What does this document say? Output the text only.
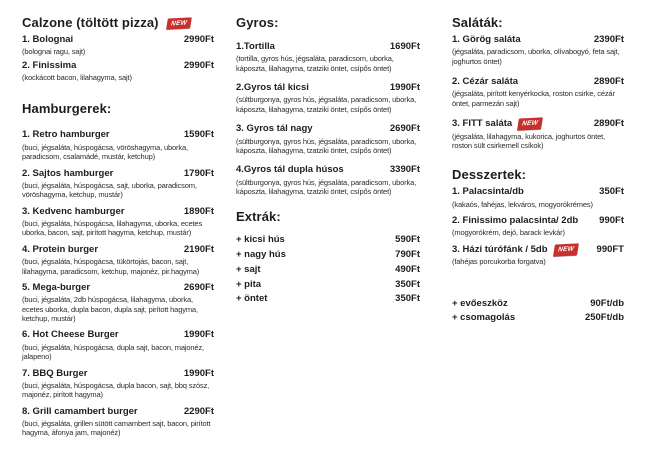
Calzone (töltött pizza)	NEW
1. Bolognai	2990Ft
(bolognai ragu, sajt)
2. Finissima	2990Ft
(kockácott bacon, lilahagyma, sajt)
Hamburgerek:
1. Retro hamburger	1590Ft
(buci, jégsaláta, húspogácsa, vöröshagyma, uborka, paradicsom, csalamádé, mustár, ketchup)
2. Sajtos hamburger	1790Ft
(buci, jégsaláta, húspogácsa, sajt, uborka, paradicsom, vöröshagyma, ketchup, mustár)
3. Kedvenc hamburger	1890Ft
(buci, jégsaláta, húspogácsa, lilahagyma, uborka, ecetes uborka, bacon, sajt, pirított hagyma, ketchup, mustár)
4. Protein burger	2190Ft
(buci, jégsaláta, húspogácsa, tükörtojás, bacon, sajt, lilahagyma, paradicsom, ketchup, majonéz, pir.hagyma)
5. Mega-burger	2690Ft
(buci, jégsaláta, 2db húspogácsa, lilahagyma, uborka, ecetes uborka, dupla bacon, dupla sajt, pirított hagyma, ketchup, mustár)
6. Hot Cheese Burger	1990Ft
(buci, jégsaláta, húspogácsa, dupla sajt, bacon, majonéz, jalapeno)
7. BBQ Burger	1990Ft
(buci, jégsaláta, húspogácsa, dupla bacon, sajt, bbq szósz, majonéz, pirított hagyma)
8. Grill camambert burger	2290Ft
(buci, jégsaláta, grillen sütött camambert sajt, bacon, pirított hagyma, áfonya jam, majonéz)
Gyros:
1.Tortilla	1690Ft
(tortilla, gyros hús, jégsaláta, paradicsom, uborka, káposzta, lilahagyma, tzatziki öntet, csípős öntet)
2.Gyros tál kicsi	1990Ft
(sültburgonya, gyros hús, jégsaláta, paradicsom, uborka, káposzta, lilahagyma, tzatziki öntet, csípős öntet)
3. Gyros tál nagy	2690Ft
(sültburgonya, gyros hús, jégsaláta, paradicsom, uborka, káposzta, lilahagyma, tzatziki öntet, csípős öntet)
4.Gyros tál dupla húsos	3390Ft
(sültburgonya, gyros hús, jégsaláta, paradicsom, uborka, káposzta, lilahagyma, tzatziki öntet, csípős öntet)
Extrák:
+ kicsi hús	590Ft
+ nagy hús	790Ft
+ sajt	490Ft
+ pita	350Ft
+ öntet	350Ft
Saláták:
1. Görög saláta	2390Ft
(jégsaláta, paradicsom, uborka, olívabogyó, feta sajt, joghurtos öntet)
2. Cézár saláta	2890Ft
(jégsaláta, pirított kenyérkocka, roston csirke, cézár öntet, parmezán sajt)
3. FITT saláta	NEW	2890Ft
(jégsaláta, lilahagyma, kukorica, joghurtos öntet, roston sült csirkemell csíkok)
Desszertek:
1. Palacsinta/db	350Ft
(kakaós, fahéjas, lekváros, mogyorókrémes)
2. Finissimo palacsinta/ 2db 990Ft
(mogyorókrém, dejó, barack levkár)
3. Házi túrófánk / 5db	NEW	990FT
(fahéjas porcukorba forgatva)
+ evőeszköz	90Ft/db
+ csomagolás	250Ft/db
